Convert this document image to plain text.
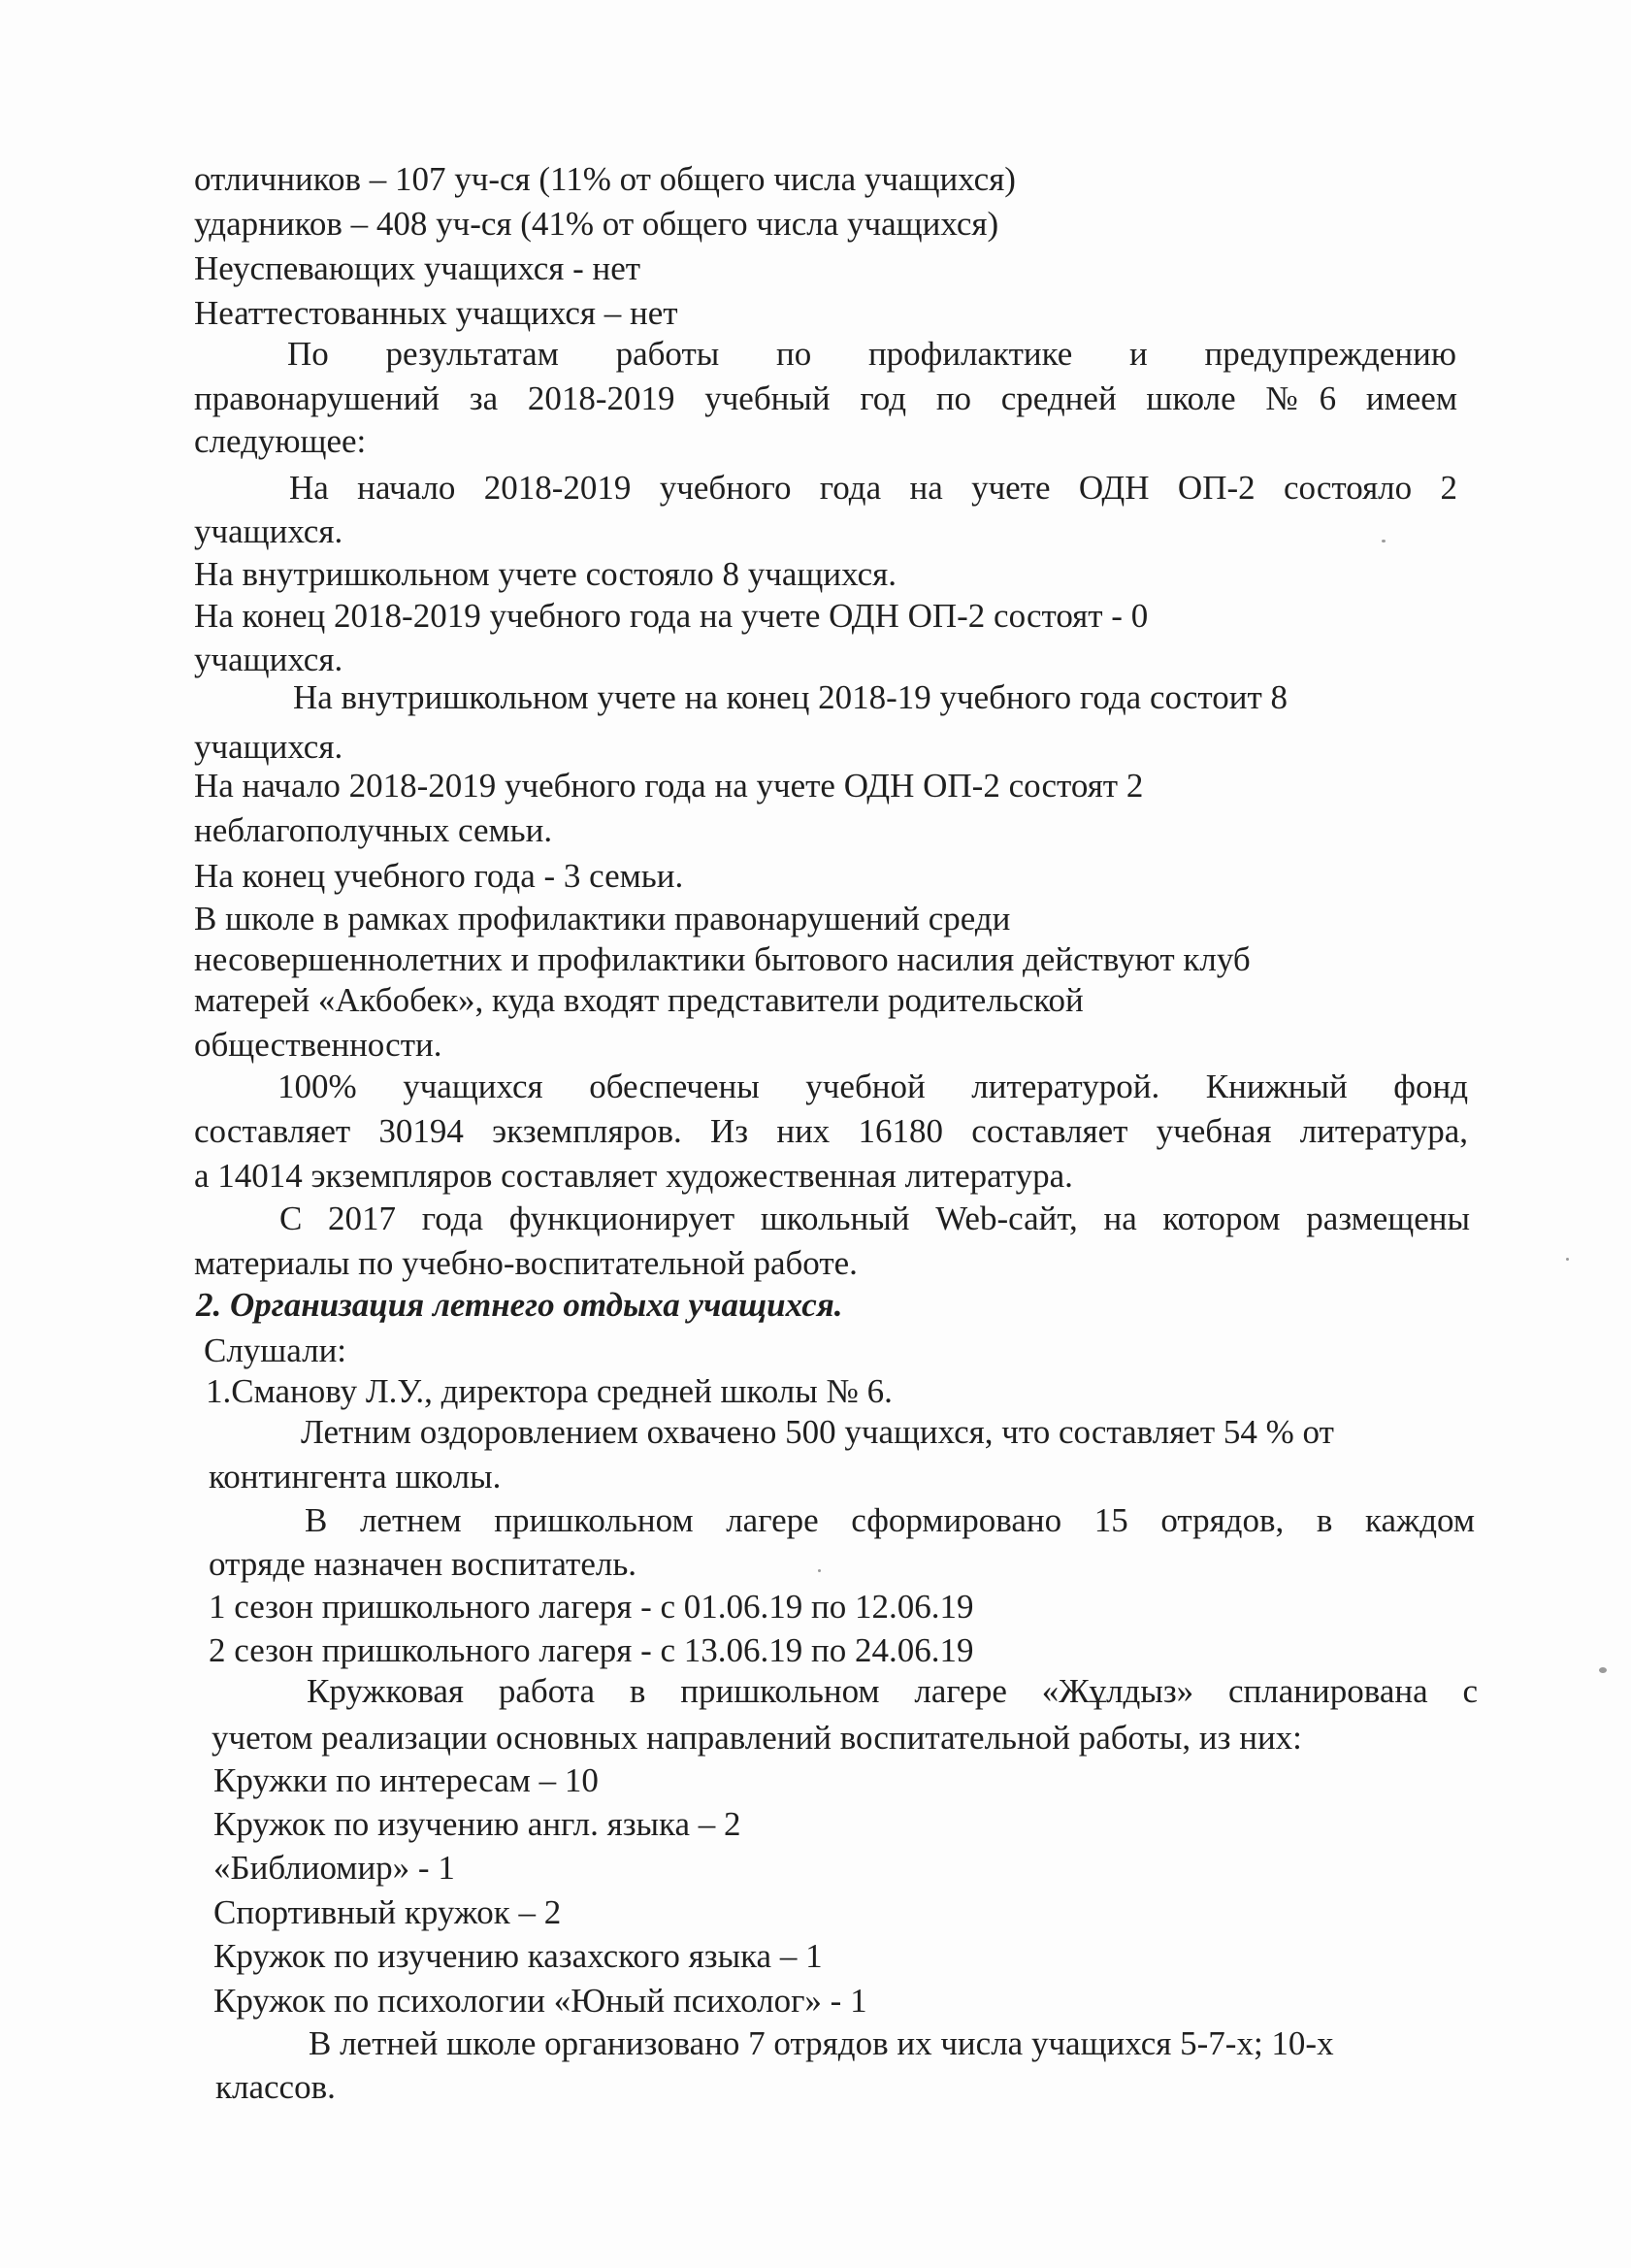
отличников – 107 уч-ся (11% от общего числа учащихся)
ударников – 408 уч-ся (41% от общего числа учащихся)
Неуспевающих учащихся - нет
Неаттестованных учащихся – нет
По результатам работы по профилактике и предупреждению
правонарушений за 2018-2019 учебный год по средней школе №6 имеем
следующее:
На начало 2018-2019 учебного года на учете ОДН ОП-2 состояло 2
учащихся.
На внутришкольном учете состояло 8 учащихся.
На конец 2018-2019 учебного года на учете ОДН ОП-2 состоят - 0
учащихся.
На внутришкольном учете на конец 2018-19 учебного года состоит 8
учащихся.
На начало 2018-2019 учебного года на учете ОДН ОП-2 состоят 2
неблагополучных семьи.
На конец учебного года - 3 семьи.
В школе в рамках профилактики правонарушений среди
несовершеннолетних и профилактики бытового насилия действуют клуб
матерей «Акбобек», куда входят представители родительской
общественности.
100% учащихся обеспечены учебной литературой. Книжный фонд
составляет 30194 экземпляров. Из них 16180 составляет учебная литература,
а 14014 экземпляров составляет художественная литература.
С 2017 года функционирует школьный Web-сайт, на котором размещены
материалы по учебно-воспитательной работе.
2. Организация летнего отдыха учащихся.
Слушали:
1.Сманову Л.У., директора средней школы № 6.
Летним оздоровлением охвачено 500 учащихся, что составляет 54 % от
контингента школы.
В летнем пришкольном лагере сформировано 15 отрядов, в каждом
отряде назначен воспитатель.
1 сезон пришкольного лагеря - с 01.06.19 по 12.06.19
2 сезон пришкольного лагеря - с 13.06.19 по 24.06.19
Кружковая работа в пришкольном лагере «Жұлдыз» спланирована с
учетом реализации основных направлений воспитательной работы, из них:
Кружки по интересам – 10
Кружок по изучению англ. языка – 2
«Библиомир» - 1
Спортивный кружок – 2
Кружок по изучению казахского языка – 1
Кружок по психологии «Юный психолог» - 1
В летней школе организовано 7 отрядов их числа учащихся 5-7-х; 10-х
классов.
